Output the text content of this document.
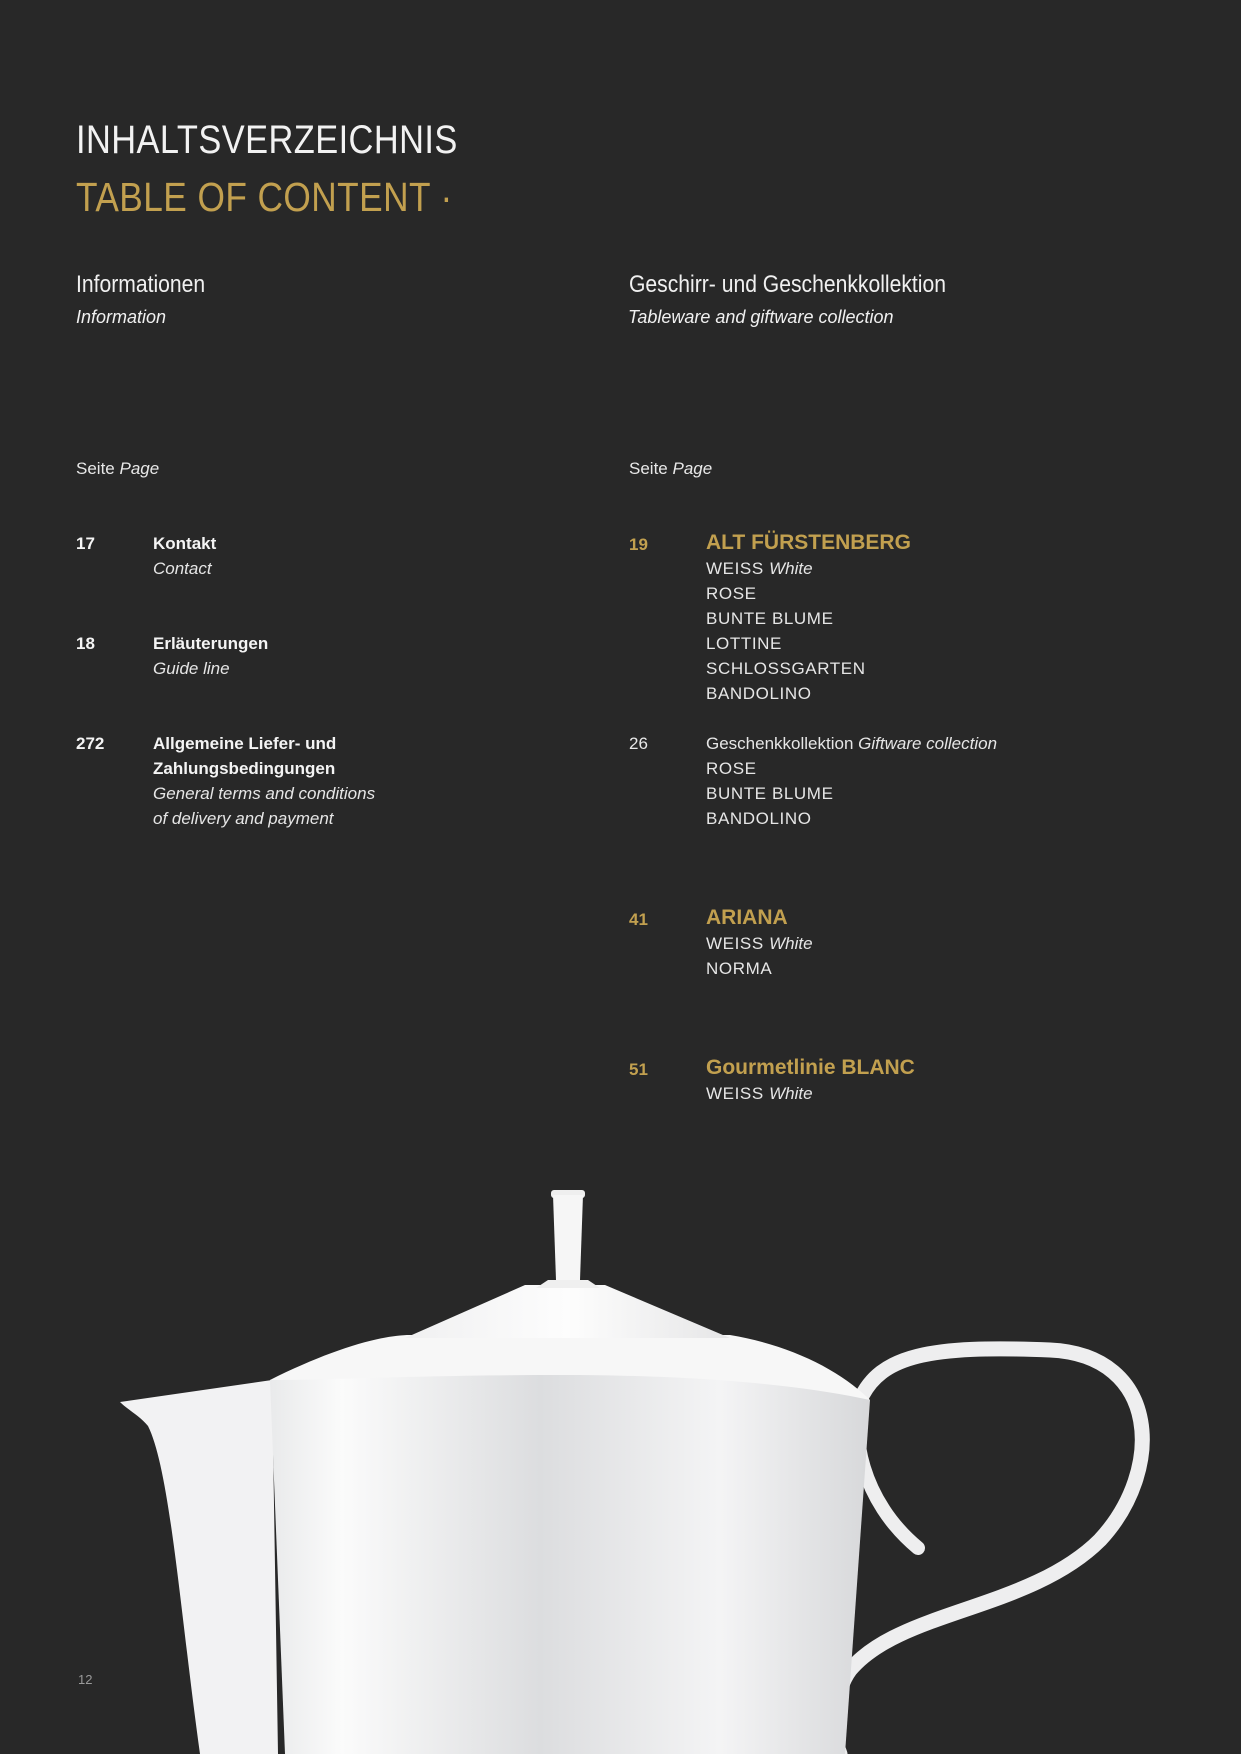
INHALTSVERZEICHNIS
TABLE OF CONTENT ·
Informationen
Information
Geschirr- und Geschenkkollektion
Tableware and giftware collection
Seite Page	Seite Page
17	Kontakt
Contact
18	Erläuterungen
Guide line
272	Allgemeine Liefer- und
Zahlungsbedingungen
General terms and conditions
of delivery and payment
19	ALT FÜRSTENBERG
WEISS White
ROSE
BUNTE BLUME
LOTTINE
SCHLOSSGARTEN
BANDOLINO
26	Geschenkkollektion Giftware collection
ROSE
BUNTE BLUME
BANDOLINO
41	ARIANA
WEISS White
NORMA
51	Gourmetlinie BLANC
WEISS White
12
